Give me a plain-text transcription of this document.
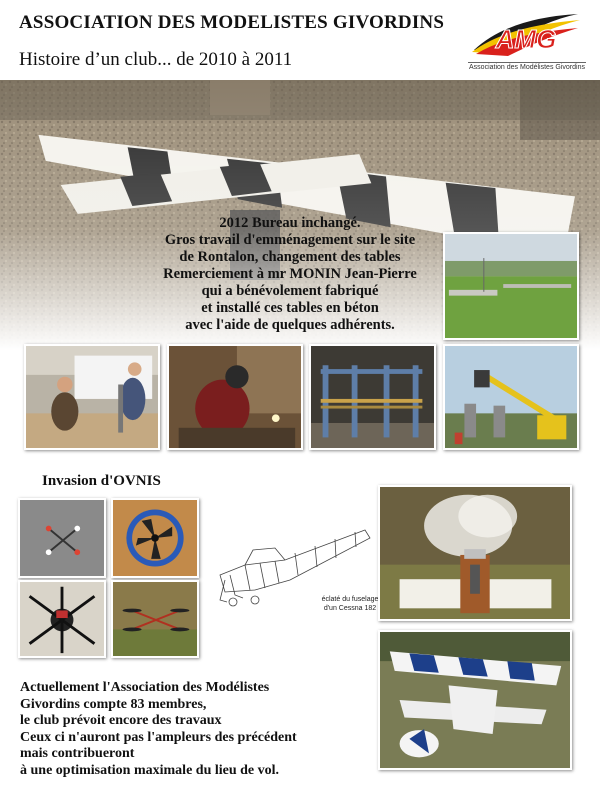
ASSOCIATION DES MODELISTES GIVORDINS
Histoire d’un club... de 2010 à 2011
AMG
Association des Modélistes Givordins
2012 Bureau inchangé.
Gros travail d'emménagement sur le site
de Rontalon, changement des tables
Remerciement à mr MONIN Jean-Pierre
qui a bénévolement fabriqué
et installé ces tables en béton
avec l'aide de quelques adhérents.
Invasion d'OVNIS
éclaté du fuselage
d'un Cessna 182
Actuellement l'Association des Modélistes
Givordins compte 83 membres,
le club prévoit encore des travaux
Ceux ci n'auront pas l'ampleurs des précédent
mais contribueront
à une optimisation maximale du lieu de vol.
